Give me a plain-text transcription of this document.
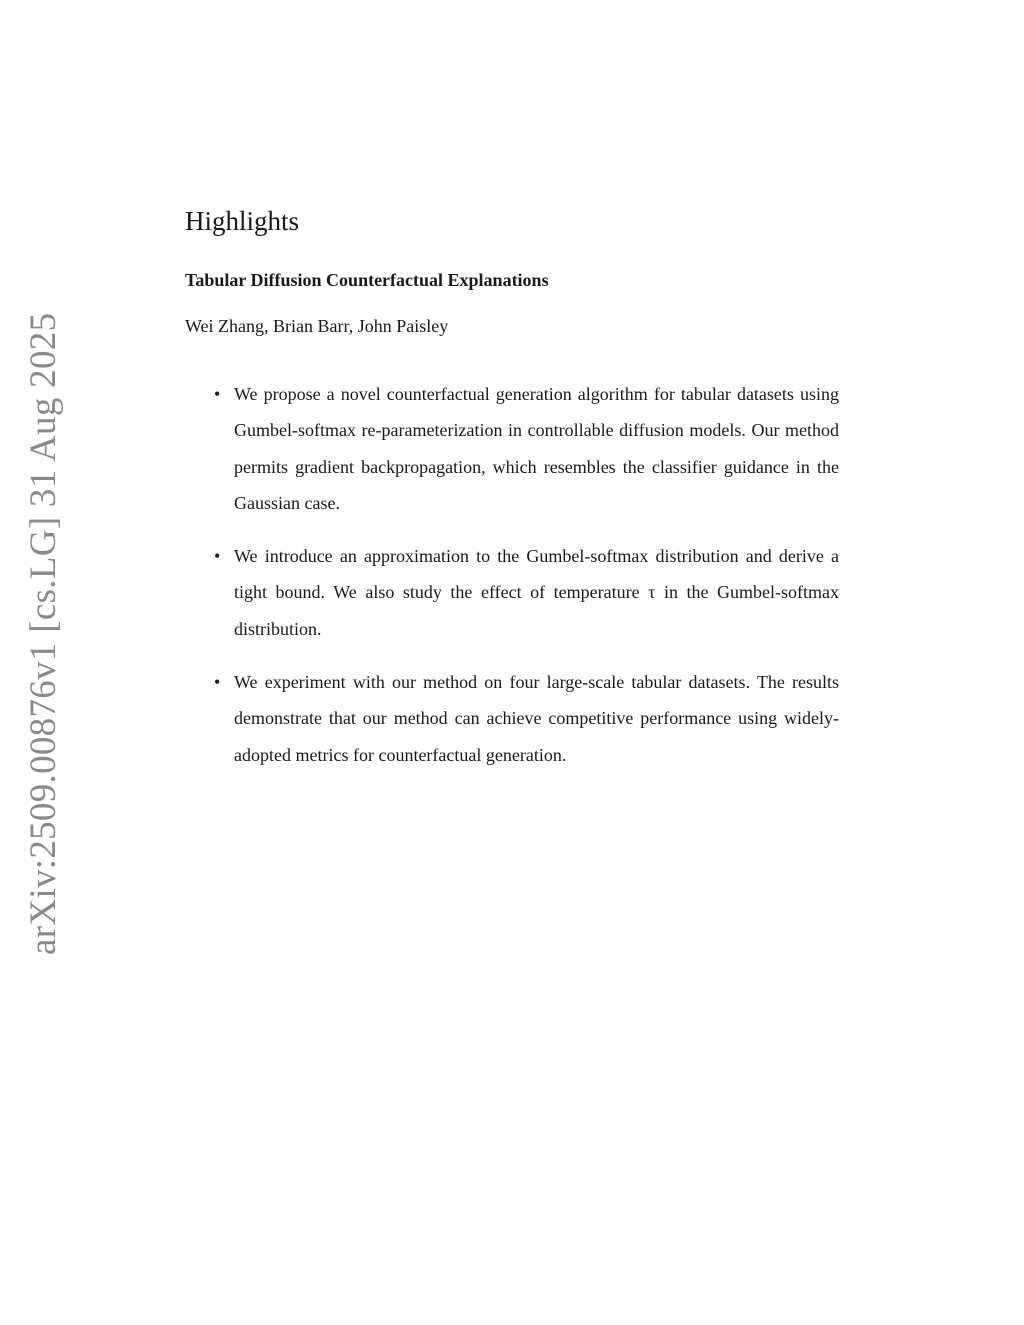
arXiv:2509.00876v1 [cs.LG] 31 Aug 2025
Highlights
Tabular Diffusion Counterfactual Explanations
Wei Zhang, Brian Barr, John Paisley
• We propose a novel counterfactual generation algorithm for tabular datasets using Gumbel-softmax re-parameterization in controllable diffusion models. Our method permits gradient backpropagation, which resembles the classifier guidance in the Gaussian case.
• We introduce an approximation to the Gumbel-softmax distribution and derive a tight bound. We also study the effect of temperature τ in the Gumbel-softmax distribution.
• We experiment with our method on four large-scale tabular datasets. The results demonstrate that our method can achieve competitive performance using widely-adopted metrics for counterfactual generation.
